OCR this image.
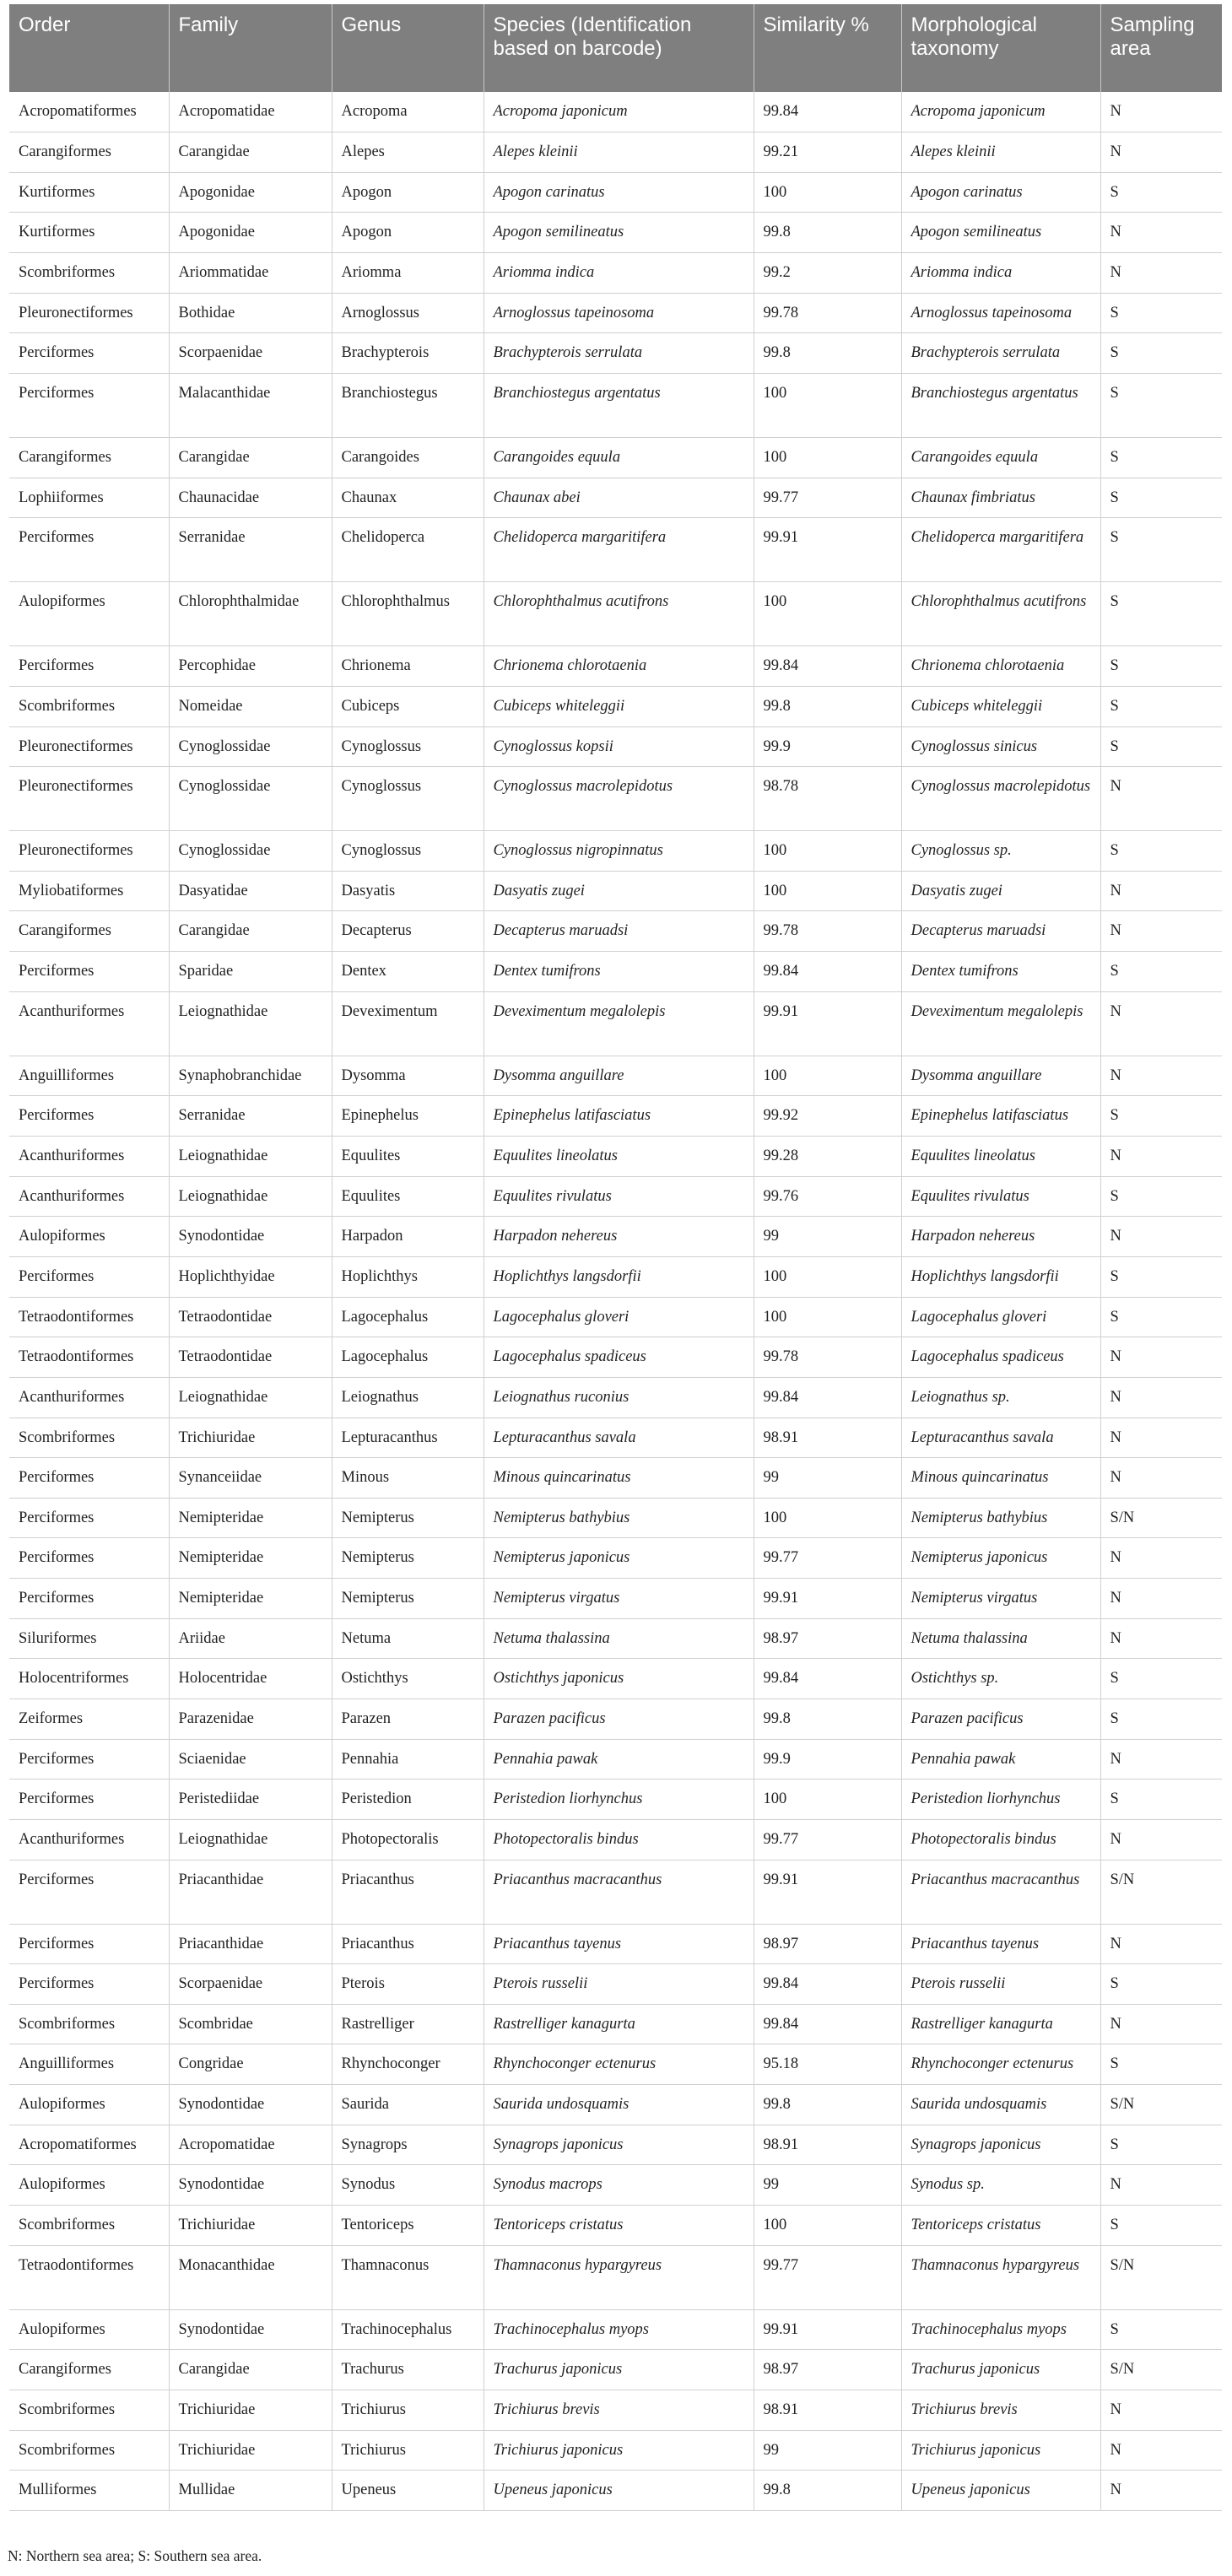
Order	Family	Genus	Species (Identification based on barcode)	Similarity %	Morphological taxonomy	Sampling area
Acropomatiformes	Acropomatidae	Acropoma	Acropoma japonicum	99.84	Acropoma japonicum	N
Carangiformes	Carangidae	Alepes	Alepes kleinii	99.21	Alepes kleinii	N
Kurtiformes	Apogonidae	Apogon	Apogon carinatus	100	Apogon carinatus	S
Kurtiformes	Apogonidae	Apogon	Apogon semilineatus	99.8	Apogon semilineatus	N
Scombriformes	Ariommatidae	Ariomma	Ariomma indica	99.2	Ariomma indica	N
Pleuronectiformes	Bothidae	Arnoglossus	Arnoglossus tapeinosoma	99.78	Arnoglossus tapeinosoma	S
Perciformes	Scorpaenidae	Brachypterois	Brachypterois serrulata	99.8	Brachypterois serrulata	S
Perciformes	Malacanthidae	Branchiostegus	Branchiostegus argentatus	100	Branchiostegus argentatus	S
Carangiformes	Carangidae	Carangoides	Carangoides equula	100	Carangoides equula	S
Lophiiformes	Chaunacidae	Chaunax	Chaunax abei	99.77	Chaunax fimbriatus	S
Perciformes	Serranidae	Chelidoperca	Chelidoperca margaritifera	99.91	Chelidoperca margaritifera	S
Aulopiformes	Chlorophthalmidae	Chlorophthalmus	Chlorophthalmus acutifrons	100	Chlorophthalmus acutifrons	S
Perciformes	Percophidae	Chrionema	Chrionema chlorotaenia	99.84	Chrionema chlorotaenia	S
Scombriformes	Nomeidae	Cubiceps	Cubiceps whiteleggii	99.8	Cubiceps whiteleggii	S
Pleuronectiformes	Cynoglossidae	Cynoglossus	Cynoglossus kopsii	99.9	Cynoglossus sinicus	S
Pleuronectiformes	Cynoglossidae	Cynoglossus	Cynoglossus macrolepidotus	98.78	Cynoglossus macrolepidotus	N
Pleuronectiformes	Cynoglossidae	Cynoglossus	Cynoglossus nigropinnatus	100	Cynoglossus sp.	S
Myliobatiformes	Dasyatidae	Dasyatis	Dasyatis zugei	100	Dasyatis zugei	N
Carangiformes	Carangidae	Decapterus	Decapterus maruadsi	99.78	Decapterus maruadsi	N
Perciformes	Sparidae	Dentex	Dentex tumifrons	99.84	Dentex tumifrons	S
Acanthuriformes	Leiognathidae	Deveximentum	Deveximentum megalolepis	99.91	Deveximentum megalolepis	N
Anguilliformes	Synaphobranchidae	Dysomma	Dysomma anguillare	100	Dysomma anguillare	N
Perciformes	Serranidae	Epinephelus	Epinephelus latifasciatus	99.92	Epinephelus latifasciatus	S
Acanthuriformes	Leiognathidae	Equulites	Equulites lineolatus	99.28	Equulites lineolatus	N
Acanthuriformes	Leiognathidae	Equulites	Equulites rivulatus	99.76	Equulites rivulatus	S
Aulopiformes	Synodontidae	Harpadon	Harpadon nehereus	99	Harpadon nehereus	N
Perciformes	Hoplichthyidae	Hoplichthys	Hoplichthys langsdorfii	100	Hoplichthys langsdorfii	S
Tetraodontiformes	Tetraodontidae	Lagocephalus	Lagocephalus gloveri	100	Lagocephalus gloveri	S
Tetraodontiformes	Tetraodontidae	Lagocephalus	Lagocephalus spadiceus	99.78	Lagocephalus spadiceus	N
Acanthuriformes	Leiognathidae	Leiognathus	Leiognathus ruconius	99.84	Leiognathus sp.	N
Scombriformes	Trichiuridae	Lepturacanthus	Lepturacanthus savala	98.91	Lepturacanthus savala	N
Perciformes	Synanceiidae	Minous	Minous quincarinatus	99	Minous quincarinatus	N
Perciformes	Nemipteridae	Nemipterus	Nemipterus bathybius	100	Nemipterus bathybius	S/N
Perciformes	Nemipteridae	Nemipterus	Nemipterus japonicus	99.77	Nemipterus japonicus	N
Perciformes	Nemipteridae	Nemipterus	Nemipterus virgatus	99.91	Nemipterus virgatus	N
Siluriformes	Ariidae	Netuma	Netuma thalassina	98.97	Netuma thalassina	N
Holocentriformes	Holocentridae	Ostichthys	Ostichthys japonicus	99.84	Ostichthys sp.	S
Zeiformes	Parazenidae	Parazen	Parazen pacificus	99.8	Parazen pacificus	S
Perciformes	Sciaenidae	Pennahia	Pennahia pawak	99.9	Pennahia pawak	N
Perciformes	Peristediidae	Peristedion	Peristedion liorhynchus	100	Peristedion liorhynchus	S
Acanthuriformes	Leiognathidae	Photopectoralis	Photopectoralis bindus	99.77	Photopectoralis bindus	N
Perciformes	Priacanthidae	Priacanthus	Priacanthus macracanthus	99.91	Priacanthus macracanthus	S/N
Perciformes	Priacanthidae	Priacanthus	Priacanthus tayenus	98.97	Priacanthus tayenus	N
Perciformes	Scorpaenidae	Pterois	Pterois russelii	99.84	Pterois russelii	S
Scombriformes	Scombridae	Rastrelliger	Rastrelliger kanagurta	99.84	Rastrelliger kanagurta	N
Anguilliformes	Congridae	Rhynchoconger	Rhynchoconger ectenurus	95.18	Rhynchoconger ectenurus	S
Aulopiformes	Synodontidae	Saurida	Saurida undosquamis	99.8	Saurida undosquamis	S/N
Acropomatiformes	Acropomatidae	Synagrops	Synagrops japonicus	98.91	Synagrops japonicus	S
Aulopiformes	Synodontidae	Synodus	Synodus macrops	99	Synodus sp.	N
Scombriformes	Trichiuridae	Tentoriceps	Tentoriceps cristatus	100	Tentoriceps cristatus	S
Tetraodontiformes	Monacanthidae	Thamnaconus	Thamnaconus hypargyreus	99.77	Thamnaconus hypargyreus	S/N
Aulopiformes	Synodontidae	Trachinocephalus	Trachinocephalus myops	99.91	Trachinocephalus myops	S
Carangiformes	Carangidae	Trachurus	Trachurus japonicus	98.97	Trachurus japonicus	S/N
Scombriformes	Trichiuridae	Trichiurus	Trichiurus brevis	98.91	Trichiurus brevis	N
Scombriformes	Trichiuridae	Trichiurus	Trichiurus japonicus	99	Trichiurus japonicus	N
Mulliformes	Mullidae	Upeneus	Upeneus japonicus	99.8	Upeneus japonicus	N
N: Northern sea area; S: Southern sea area.
